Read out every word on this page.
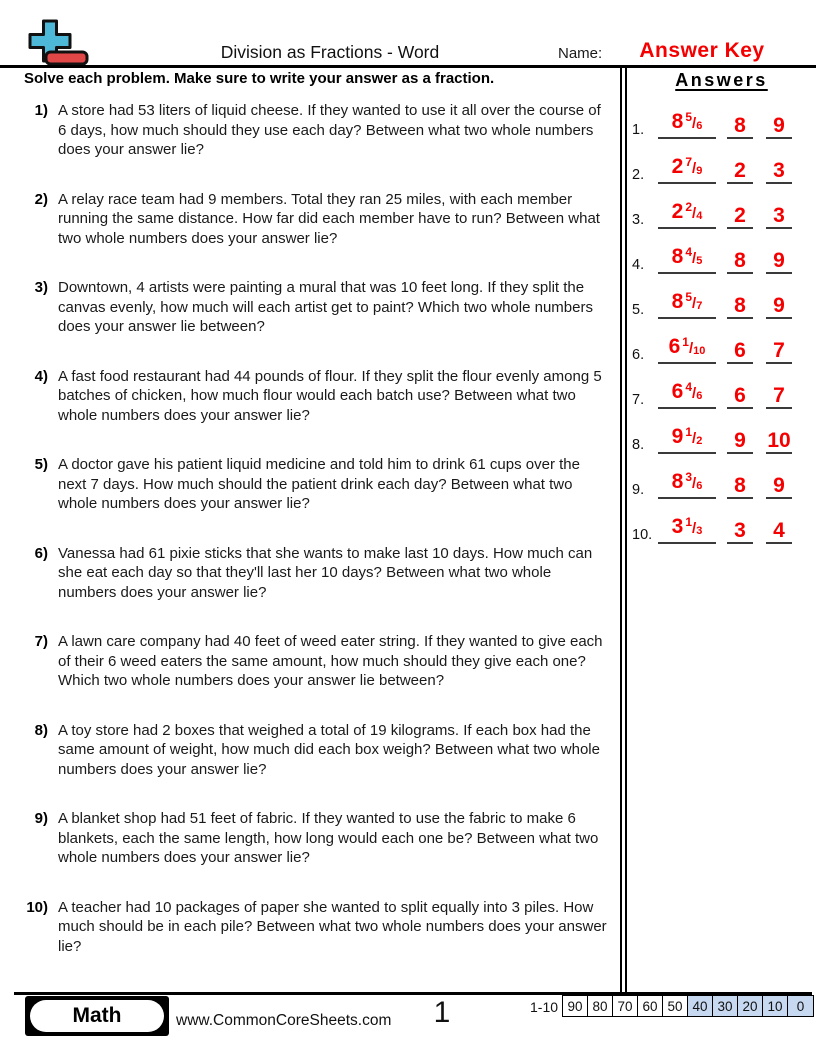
Division as Fractions - Word	Name:	Answer Key
Solve each problem. Make sure to write your answer as a fraction.
1) A store had 53 liters of liquid cheese. If they wanted to use it all over the course of 6 days, how much should they use each day? Between what two whole numbers does your answer lie?
2) A relay race team had 9 members. Total they ran 25 miles, with each member running the same distance. How far did each member have to run? Between what two whole numbers does your answer lie?
3) Downtown, 4 artists were painting a mural that was 10 feet long. If they split the canvas evenly, how much will each artist get to paint? Which two whole numbers does your answer lie between?
4) A fast food restaurant had 44 pounds of flour. If they split the flour evenly among 5 batches of chicken, how much flour would each batch use? Between what two whole numbers does your answer lie?
5) A doctor gave his patient liquid medicine and told him to drink 61 cups over the next 7 days. How much should the patient drink each day? Between what two whole numbers does your answer lie?
6) Vanessa had 61 pixie sticks that she wants to make last 10 days. How much can she eat each day so that they'll last her 10 days? Between what two whole numbers does your answer lie?
7) A lawn care company had 40 feet of weed eater string. If they wanted to give each of their 6 weed eaters the same amount, how much should they give each one? Which two whole numbers does your answer lie between?
8) A toy store had 2 boxes that weighed a total of 19 kilograms. If each box had the same amount of weight, how much did each box weigh? Between what two whole numbers does your answer lie?
9) A blanket shop had 51 feet of fabric. If they wanted to use the fabric to make 6 blankets, each the same length, how long would each one be? Between what two whole numbers does your answer lie?
10) A teacher had 10 packages of paper she wanted to split equally into 3 piles. How much should be in each pile? Between what two whole numbers does your answer lie?
Answers
1.	8 $^5$/6	8	9
2.	2 $^7$/9	2	3
3.	2 $^2$/4	2	3
4.	8 $^4$/5	8	9
5.	8 $^5$/7	8	9
6.	6 $^1$/10	6	7
7.	6 $^4$/6	6	7
8.	9 $^1$/2	9	10
9.	8 $^3$/6	8	9
10. 3 $^1$/3	3	4
Math	www.CommonCoreSheets.com	1	1-10 90 80 70 60 50 40 30 20 10	0
